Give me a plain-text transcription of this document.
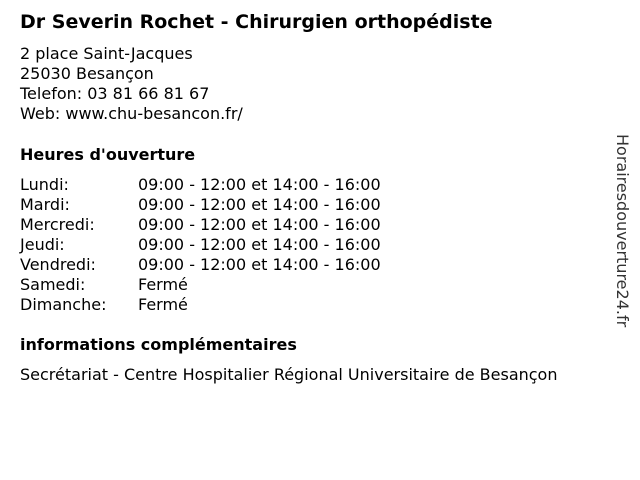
Dr Severin Rochet - Chirurgien orthopédiste
2 place Saint-Jacques
25030 Besançon
Telefon: 03 81 66 81 67
Web: www.chu-besancon.fr/
Heures d'ouverture
Lundi:	09:00 - 12:00 et 14:00 - 16:00
Mardi:	09:00 - 12:00 et 14:00 - 16:00
Mercredi:	09:00 - 12:00 et 14:00 - 16:00
Jeudi:	09:00 - 12:00 et 14:00 - 16:00
Vendredi:	09:00 - 12:00 et 14:00 - 16:00
Samedi:	Fermé
Dimanche:	Fermé
informations complémentaires
Secrétariat - Centre Hospitalier Régional Universitaire de Besançon
Horairesdouverture24.fr
